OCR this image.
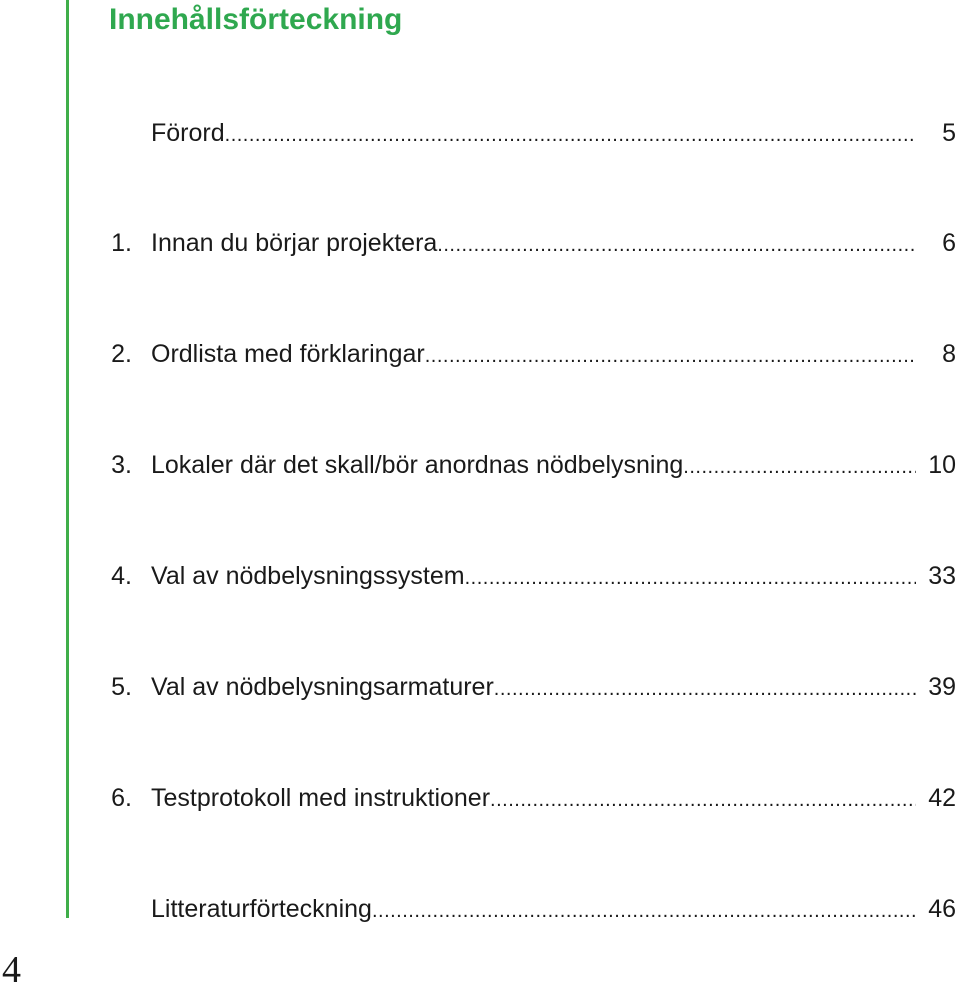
Innehållsförteckning
Förord .....	5
1. Innan du börjar projektera .....	6
2. Ordlista med förklaringar .....	8
3. Lokaler där det skall/bör anordnas nödbelysning .....	10
4. Val av nödbelysningssystem .....	33
5. Val av nödbelysningsarmaturer .....	39
6. Testprotokoll med instruktioner .....	42
Litteraturförteckning .....	46
4
